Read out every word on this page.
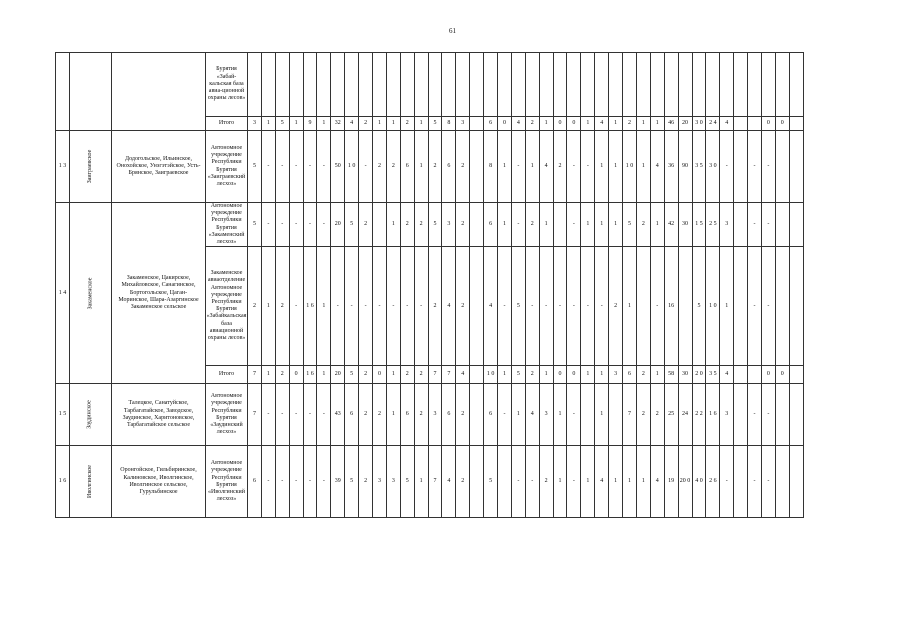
61
			Бурятия «Забай-кальская база авиа-ционной охраны лесов»																																								
			Итого	3	1	5	1	9	1	32	4	2	1	1	2	1	5	8	3		6	0	4	2	1	0	0	1	4	1	2	1	1	46	20	3 0	2 4	4			0	0	
1 3	Заиграевское	Додогольское, Ильинское, Онохойское, Унэгэтэйское, Усть-Брянское, Заиграевское	Автономное учреждение Республики Бурятия «Заиграевский лесхоз»	5	-	-	-	-	-	50	1 0	-	2	2	6	1	2	6	2		8	1	-	1	4	2	-	-	1	1	1 0	1	4	36	90	3 5	3 0	-		-	-		
1 4	Закаменское	Закаменское, Цакирское, Михайловское, Санагинское, Бортогольское, Цаган-Моринское, Шара-Азаргинское Закаменское сельское	Автономное учреждение Республики Бурятия «Закаменский лесхоз»	5	-	-	-	-	-	20	5	2		1	2	2	5	3	2		6	1	-	2	1		-	1	1	1	5	2	1	42	30	1 5	2 5	3		-	-		
			Закаменское авиаотделение Автономное учреждение Республики Бурятия «Забайкальская база авиационной охраны лесов»	2	1	2	-	1 6	1	-	-	-	-	-	-	-	2	4	2		4	-	5	-	-	-	-	-	-	2	1		-	16		5	1 0	1		-	-		
			Итого	7	1	2	0	1 6	1	20	5	2	0	1	2	2	7	7	4		1 0	1	5	2	1	0	0	1	1	3	6	2	1	58	30	2 0	3 5	4			0	0	
1 5	Заудинское	Талецкое, Санатуйское, Тарбагатайское, Заводское, Заудинское, Харитоновское, Тарбагатайское сельское	Автономное учреждение Республики Бурятия «Заудинский лесхоз»	7	-	-	-	-	-	43	6	2	2	1	6	2	3	6	2		6	-	1	4	3	1	-		1		7	2	2	25	24	2 2	1 6	3		-	-		
1 6	Иволгинское	Оронгойское, Гильбиринское, Калиновское, Иволгинское, Иволгинское сельское, Гурульбинское	Автономное учреждение Республики Бурятия «Иволгинский лесхоз»	6	-	-	-	-	-	39	5	2	3	3	5	1	7	4	2		5		-	-	2	1	-	1	4	1	1	1	4	19	20 0	4 0	2 6	-		-	-		
